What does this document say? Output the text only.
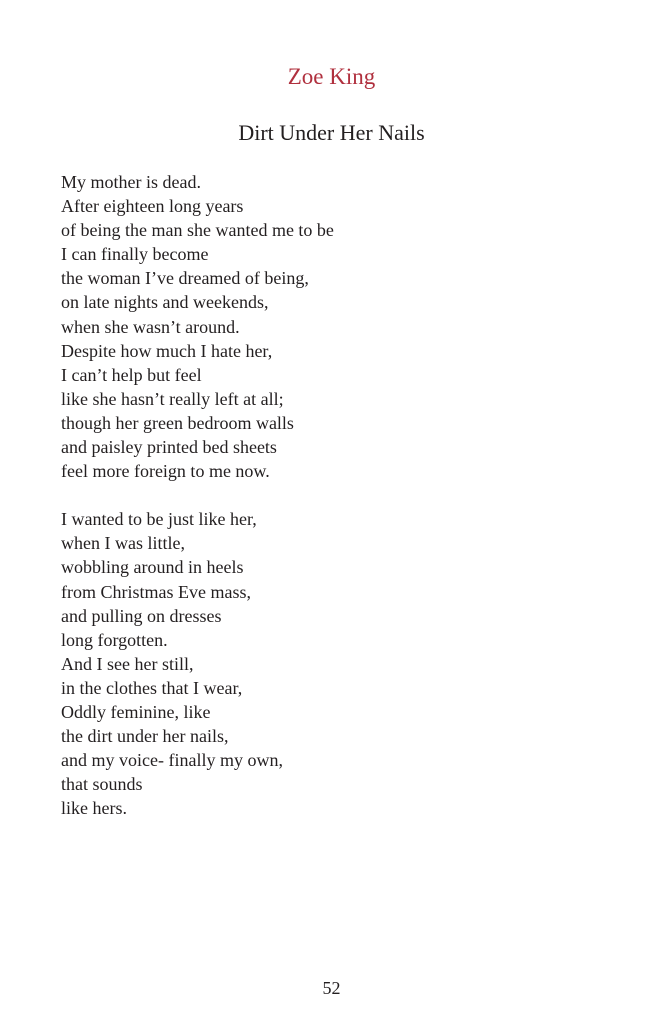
Zoe King
Dirt Under Her Nails

My mother is dead.
After eighteen long years
of being the man she wanted me to be
I can finally become
the woman I’ve dreamed of being,
on late nights and weekends,
when she wasn’t around.
Despite how much I hate her,
I can’t help but feel
like she hasn’t really left at all;
though her green bedroom walls
and paisley printed bed sheets
feel more foreign to me now.

I wanted to be just like her,
when I was little,
wobbling around in heels
from Christmas Eve mass,
and pulling on dresses
long forgotten.
And I see her still,
in the clothes that I wear,
Oddly feminine, like
the dirt under her nails,
and my voice- finally my own,
that sounds
like hers.

52
